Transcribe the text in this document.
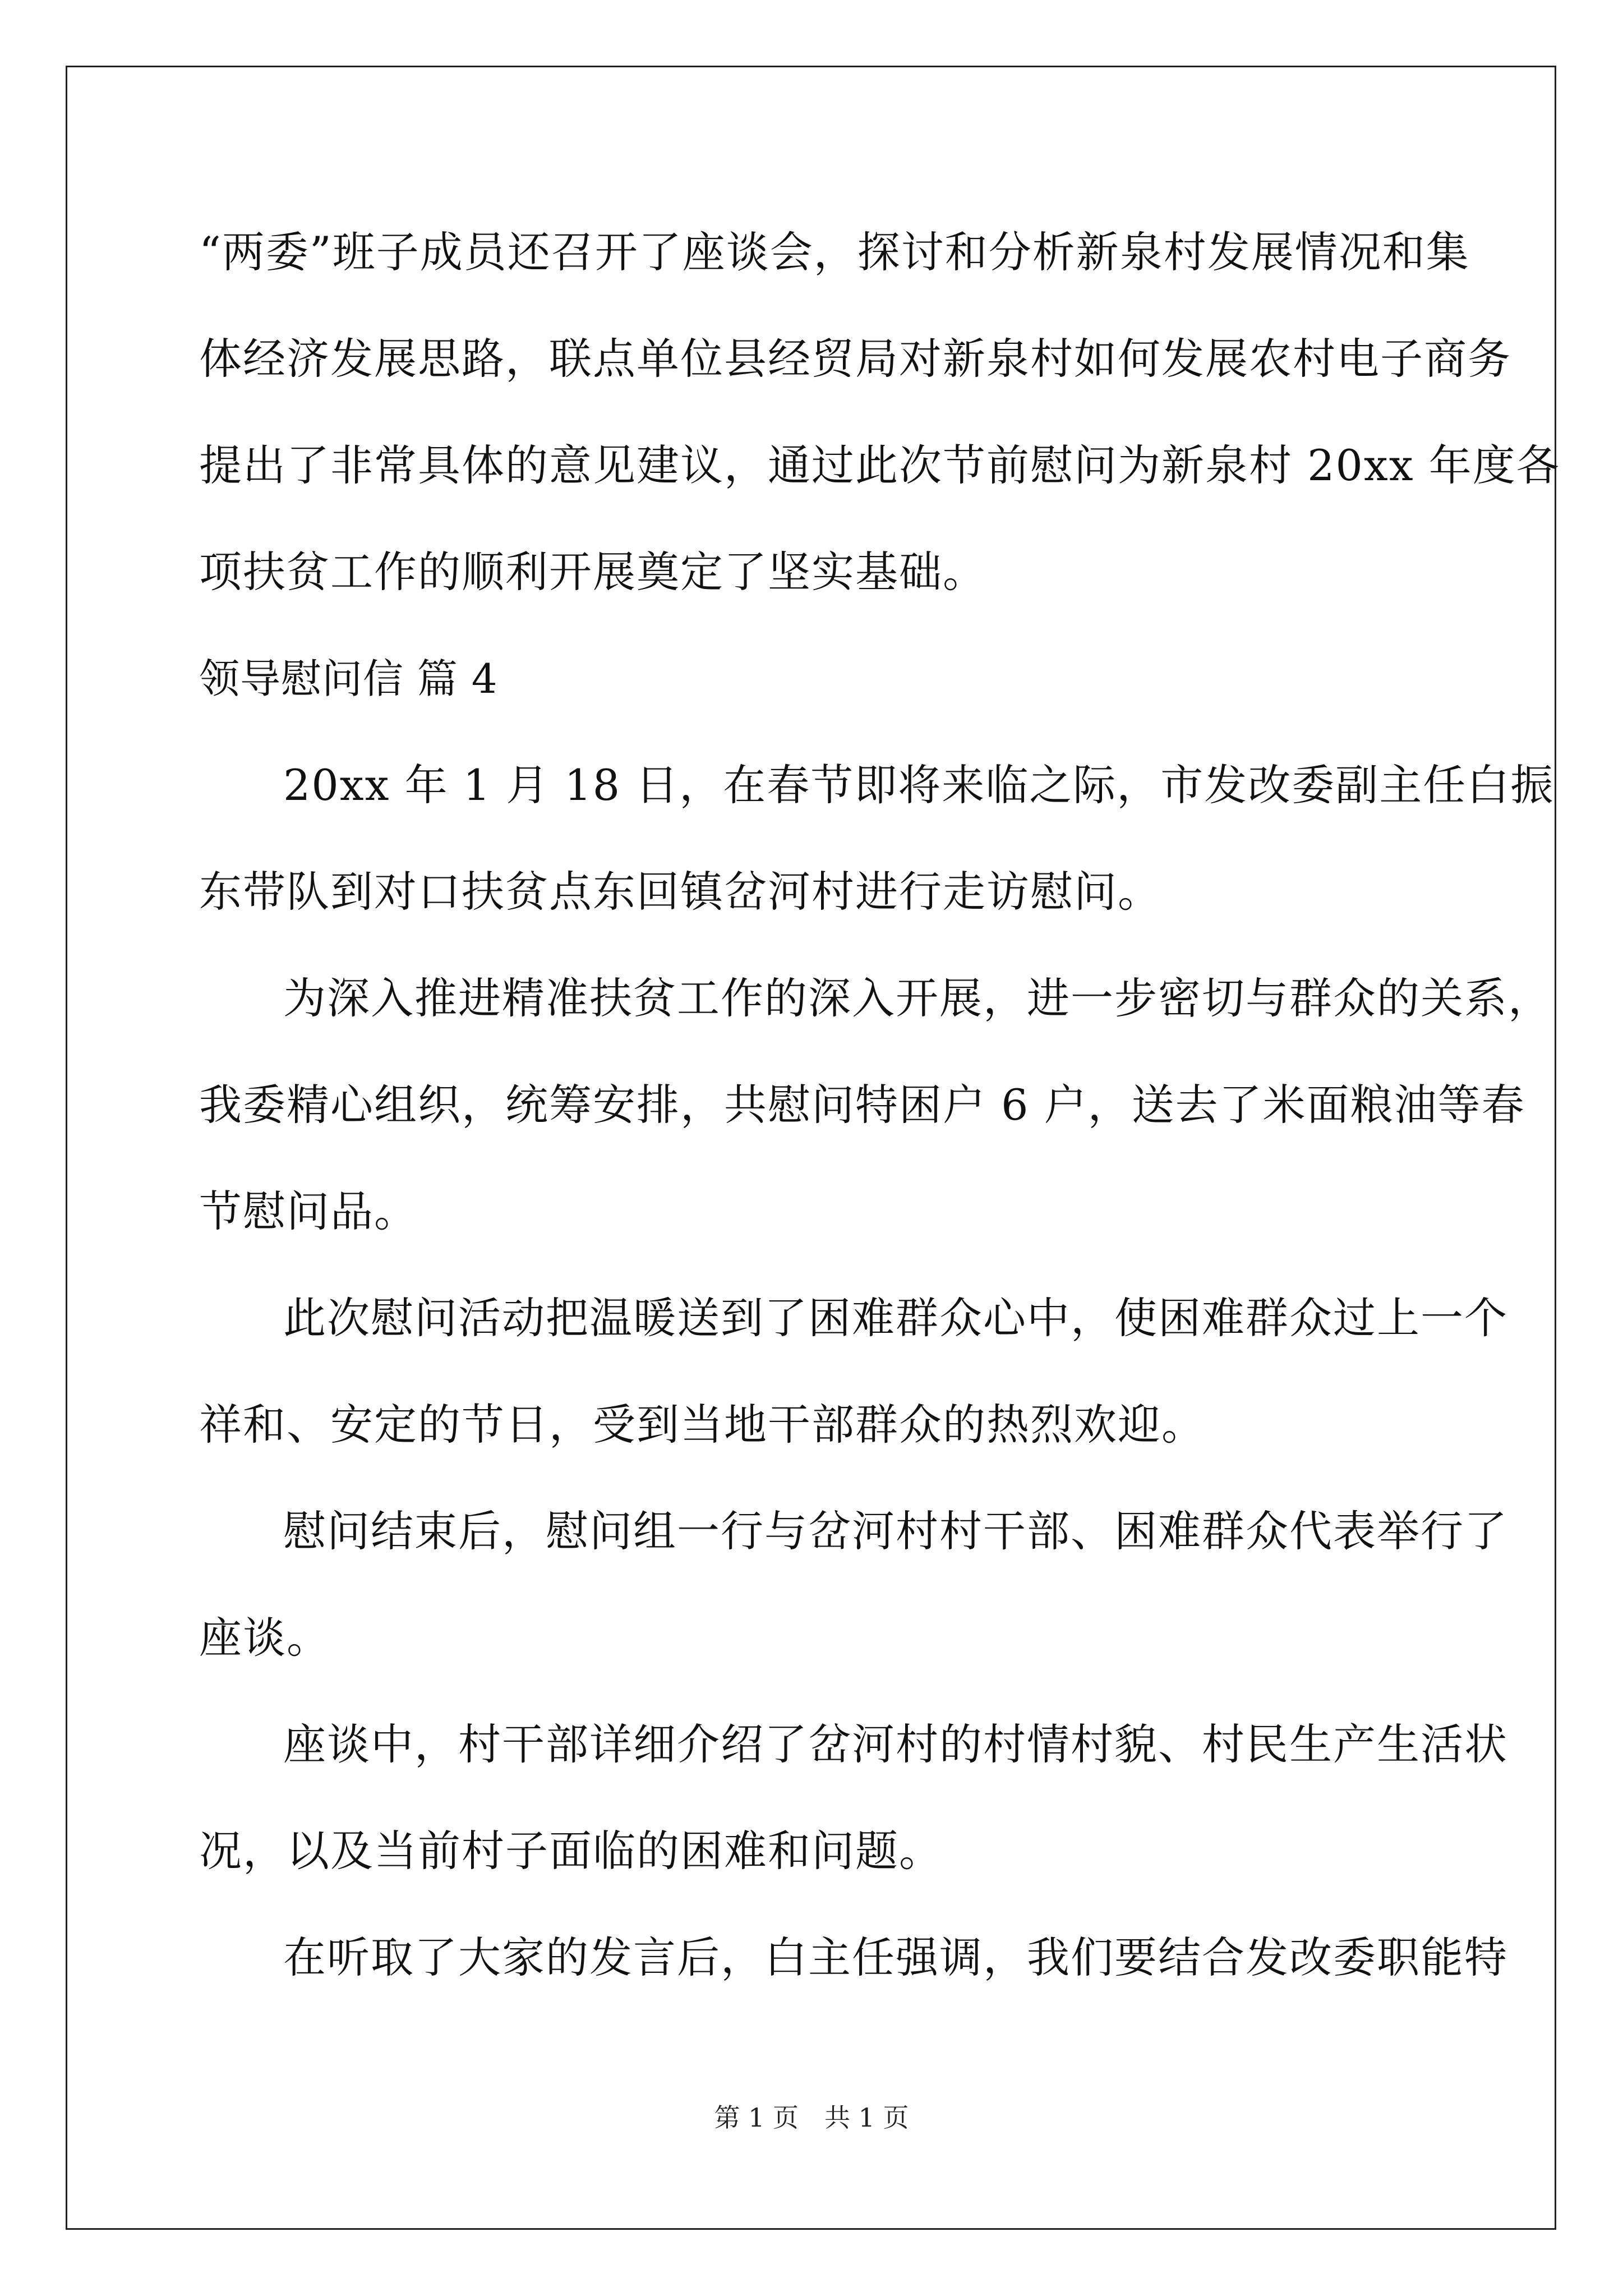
“两委”班子成员还召开了座谈会，探讨和分析新泉村发展情况和集
体经济发展思路，联点单位县经贸局对新泉村如何发展农村电子商务
提出了非常具体的意见建议，通过此次节前慰问为新泉村 20xx 年度各
项扶贫工作的顺利开展奠定了坚实基础。
领导慰问信 篇 4
20xx 年 1 月 18 日，在春节即将来临之际，市发改委副主任白振
东带队到对口扶贫点东回镇岔河村进行走访慰问。
为深入推进精准扶贫工作的深入开展，进一步密切与群众的关系，
我委精心组织，统筹安排，共慰问特困户 6 户，送去了米面粮油等春
节慰问品。
此次慰问活动把温暖送到了困难群众心中，使困难群众过上一个
祥和、安定的节日，受到当地干部群众的热烈欢迎。
慰问结束后，慰问组一行与岔河村村干部、困难群众代表举行了
座谈。
座谈中，村干部详细介绍了岔河村的村情村貌、村民生产生活状
况，以及当前村子面临的困难和问题。
在听取了大家的发言后，白主任强调，我们要结合发改委职能特
第 1 页　共 1 页
